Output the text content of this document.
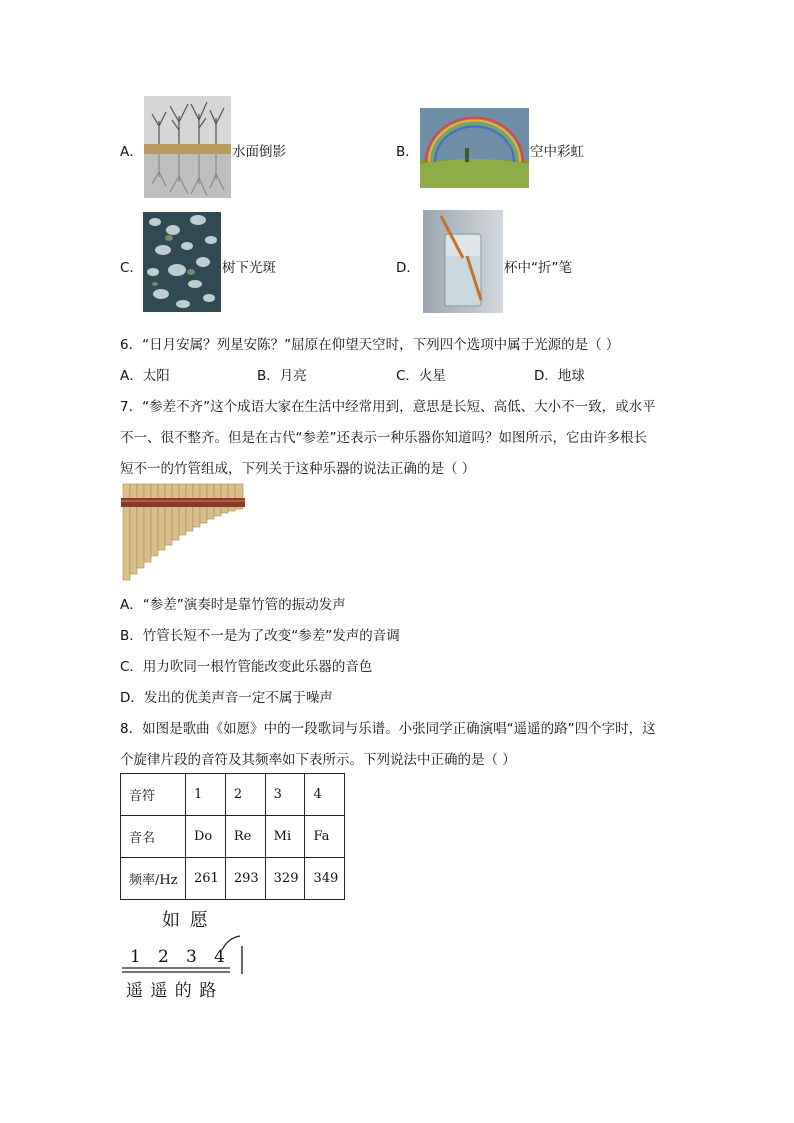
A．	水面倒影	B．	空中彩虹
C．	树下光斑	D．	杯中“折”笔
6．“日月安属？列星安陈？”屈原在仰望天空时，下列四个选项中属于光源的是（ ）
A．太阳	B．月亮	C．火星	D．地球
7．“参差不齐”这个成语大家在生活中经常用到，意思是长短、高低、大小不一致，或水平
不一、很不整齐。但是在古代“参差”还表示一种乐器你知道吗？如图所示，它由许多根长
短不一的竹管组成，下列关于这种乐器的说法正确的是（ ）
A．“参差”演奏时是靠竹管的振动发声
B．竹管长短不一是为了改变“参差”发声的音调
C．用力吹同一根竹管能改变此乐器的音色
D．发出的优美声音一定不属于噪声
8．如图是歌曲《如愿》中的一段歌词与乐谱。小张同学正确演唱“遥遥的路”四个字时，这
个旋律片段的音符及其频率如下表所示。下列说法中正确的是（ ）
音符	1	2	3	4
音名	Do	Re	Mi	Fa
频率/Hz	261	293	329	349
如 愿
1 2 3 4
遥 遥 的 路
